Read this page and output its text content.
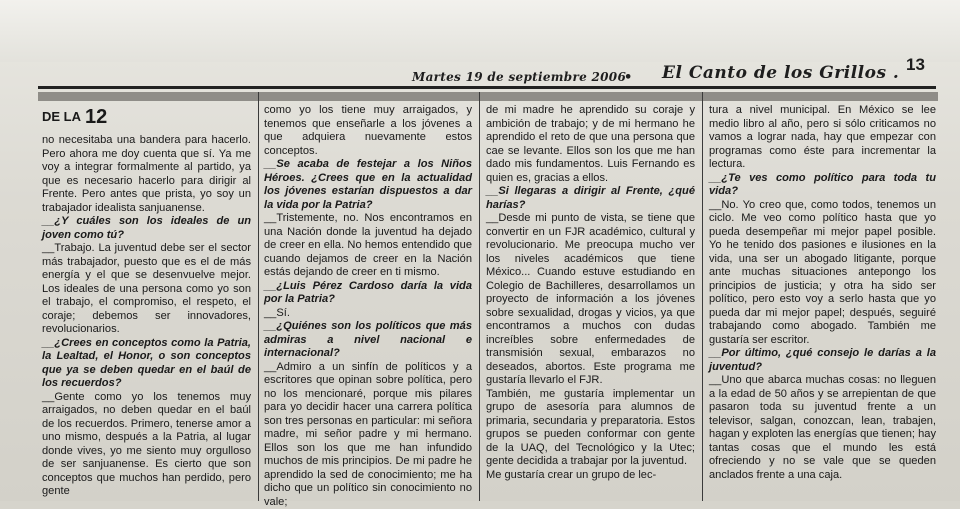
Martes 19 de septiembre 2006
• El Canto de los Grillos . 13
DE LA 12

no necesitaba una bandera para hacerlo. Pero ahora me doy cuenta que sí. Ya me voy a integrar formalmente al partido, ya que es necesario hacerlo para dirigir al Frente. Pero antes que prista, yo soy un trabajador idealista sanjuanense.

__¿Y cuáles son los ideales de un joven como tú?

__Trabajo. La juventud debe ser el sector más trabajador, puesto que es el de más energía y el que se desenvuelve mejor. Los ideales de una persona como yo son el trabajo, el compromiso, el respeto, el coraje; debemos ser innovadores, revolucionarios.

__¿Crees en conceptos como la Patria, la Lealtad, el Honor, o son conceptos que ya se deben quedar en el baúl de los recuerdos?

__Gente como yo los tenemos muy arraigados, no deben quedar en el baúl de los recuerdos. Primero, tenerse amor a uno mismo, después a la Patria, al lugar donde vives, yo me siento muy orgulloso de ser sanjuanense. Es cierto que son conceptos que muchos han perdido, pero gente

como yo los tiene muy arraigados, y tenemos que enseñarle a los jóvenes a que adquiera nuevamente estos conceptos.

__Se acaba de festejar a los Niños Héroes. ¿Crees que en la actualidad los jóvenes estarían dispuestos a dar la vida por la Patria?

__Tristemente, no. Nos encontramos en una Nación donde la juventud ha dejado de creer en ella. No hemos entendido que cuando dejamos de creer en la Nación estás dejando de creer en ti mismo.

__¿Luis Pérez Cardoso daría la vida por la Patria?

__Sí.

__¿Quiénes son los políticos que más admiras a nivel nacional e internacional?

__Admiro a un sinfín de políticos y a escritores que opinan sobre política, pero no los mencionaré, porque mis pilares para yo decidir hacer una carrera política son tres personas en particular: mi señora madre, mi señor padre y mi hermano. Ellos son los que me han infundido muchos de mis principios. De mi padre he aprendido la sed de conocimiento; me ha dicho que un político sin conocimiento no vale;

de mi madre he aprendido su coraje y ambición de trabajo; y de mi hermano he aprendido el reto de que una persona que cae se levante. Ellos son los que me han dado mis fundamentos. Luis Fernando es quien es, gracias a ellos.

__Si llegaras a dirigir al Frente, ¿qué harías?

__Desde mi punto de vista, se tiene que convertir en un FJR académico, cultural y revolucionario. Me preocupa mucho ver los niveles académicos que tiene México... Cuando estuve estudiando en Colegio de Bachilleres, desarrollamos un proyecto de información a los jóvenes sobre sexualidad, drogas y vicios, ya que encontramos a muchos con dudas increíbles sobre enfermedades de transmisión sexual, embarazos no deseados, abortos. Este programa me gustaría llevarlo el FJR.

También, me gustaría implementar un grupo de asesoría para alumnos de primaria, secundaria y preparatoria. Estos grupos se pueden conformar con gente de la UAQ, del Tecnológico y la Utec; gente decidida a trabajar por la juventud.

Me gustaría crear un grupo de lec-

tura a nivel municipal. En México se lee medio libro al año, pero si sólo criticamos no vamos a lograr nada, hay que empezar con programas como éste para incrementar la lectura.

__¿Te ves como político para toda tu vida?

__No. Yo creo que, como todos, tenemos un ciclo. Me veo como político hasta que yo pueda desempeñar mi mejor papel posible. Yo he tenido dos pasiones e ilusiones en la vida, una ser un abogado litigante, porque ante muchas situaciones antepongo los principios de justicia; y otra ha sido ser político, pero esto voy a serlo hasta que yo pueda dar mi mejor papel; después, seguiré trabajando como abogado. También me gustaría ser escritor.

__Por último, ¿qué consejo le darías a la juventud?

__Uno que abarca muchas cosas: no lleguen a la edad de 50 años y se arrepientan de que pasaron toda su juventud frente a un televisor, salgan, conozcan, lean, trabajen, hagan y exploten las energías que tienen; hay tantas cosas que el mundo les está ofreciendo y no se vale que se queden anclados frente a una caja.
